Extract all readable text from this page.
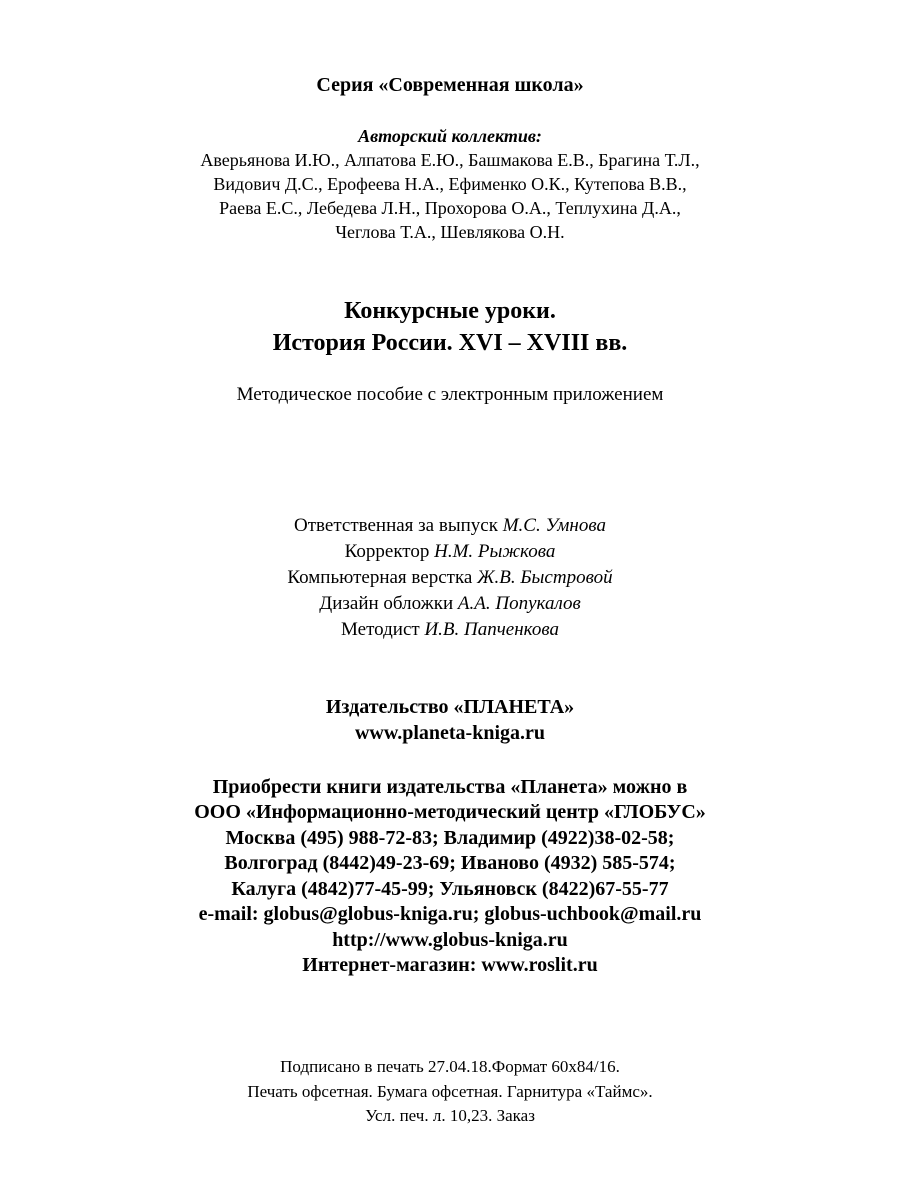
Серия «Современная школа»
Авторский коллектив:
Аверьянова И.Ю., Алпатова Е.Ю., Башмакова Е.В., Брагина Т.Л.,
Видович Д.С., Ерофеева Н.А., Ефименко О.К., Кутепова В.В.,
Раева Е.С., Лебедева Л.Н., Прохорова О.А., Теплухина Д.А.,
Чеглова Т.А., Шевлякова О.Н.
Конкурсные уроки.
История России. XVI – XVIII вв.
Методическое пособие с электронным приложением
Ответственная за выпуск М.С. Умнова
Корректор Н.М. Рыжкова
Компьютерная верстка Ж.В. Быстровой
Дизайн обложки А.А. Попукалов
Методист И.В. Папченкова
Издательство «ПЛАНЕТА»
www.planeta-kniga.ru
Приобрести книги издательства «Планета» можно в
ООО «Информационно-методический центр «ГЛОБУС»
Москва (495) 988-72-83; Владимир (4922)38-02-58;
Волгоград (8442)49-23-69; Иваново (4932) 585-574;
Калуга (4842)77-45-99; Ульяновск (8422)67-55-77
e-mail: globus@globus-kniga.ru; globus-uchbook@mail.ru
http://www.globus-kniga.ru
Интернет-магазин: www.roslit.ru
Подписано в печать 27.04.18.Формат 60х84/16.
Печать офсетная. Бумага офсетная. Гарнитура «Таймс».
Усл. печ. л. 10,23. Заказ
